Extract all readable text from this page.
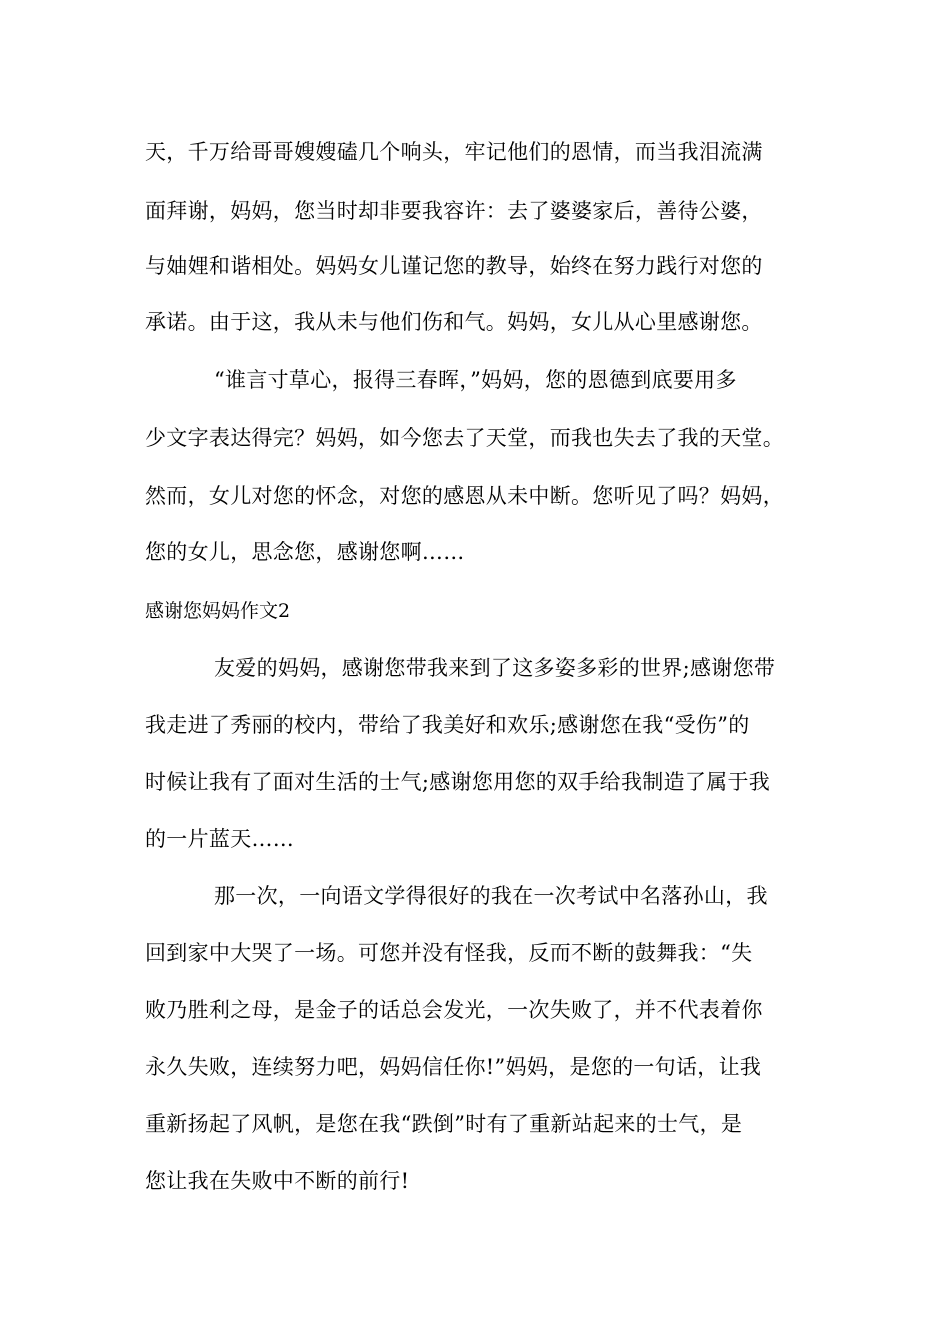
天，千万给哥哥嫂嫂磕几个响头，牢记他们的恩情，而当我泪流满
面拜谢，妈妈，您当时却非要我容许：去了婆婆家后，善待公婆，
与妯娌和谐相处。妈妈女儿谨记您的教导，始终在努力践行对您的
承诺。由于这，我从未与他们伤和气。妈妈，女儿从心里感谢您。
“谁言寸草心，报得三春晖，”妈妈，您的恩德到底要用多
少文字表达得完？妈妈，如今您去了天堂，而我也失去了我的天堂。
然而，女儿对您的怀念，对您的感恩从未中断。您听见了吗？妈妈，
您的女儿，思念您，感谢您啊……
感谢您妈妈作文2
友爱的妈妈，感谢您带我来到了这多姿多彩的世界;感谢您带
我走进了秀丽的校内，带给了我美好和欢乐;感谢您在我“受伤”的
时候让我有了面对生活的士气;感谢您用您的双手给我制造了属于我
的一片蓝天……
那一次，一向语文学得很好的我在一次考试中名落孙山，我
回到家中大哭了一场。可您并没有怪我，反而不断的鼓舞我：“失
败乃胜利之母，是金子的话总会发光，一次失败了，并不代表着你
永久失败，连续努力吧，妈妈信任你!”妈妈，是您的一句话，让我
重新扬起了风帆，是您在我“跌倒”时有了重新站起来的士气，是
您让我在失败中不断的前行!
